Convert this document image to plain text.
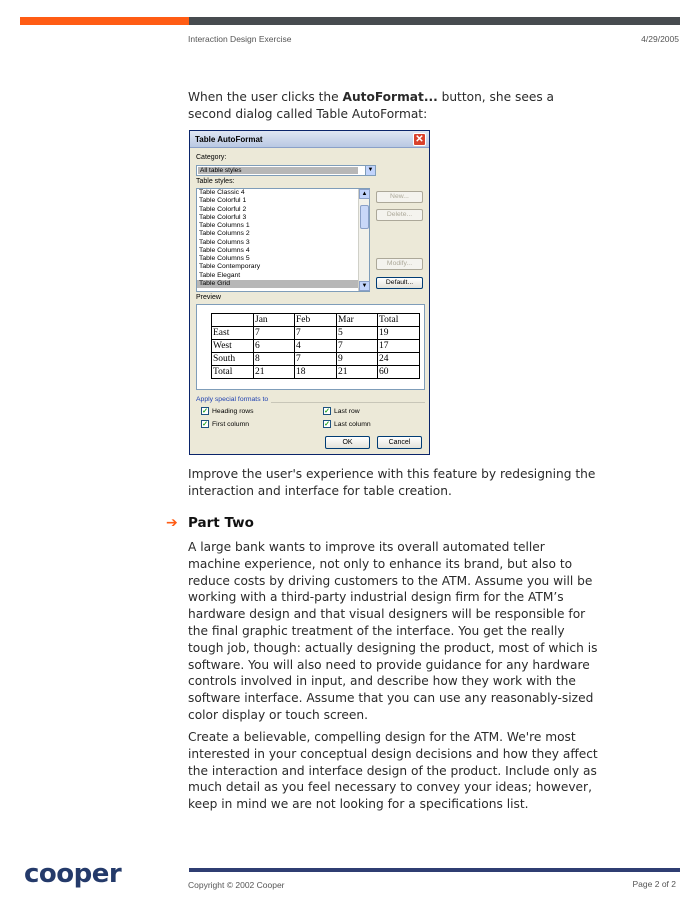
Interaction Design Exercise	4/29/2005
When the user clicks the AutoFormat... button, she sees a second dialog called Table AutoFormat:
Table AutoFormat	✕
Category:
All table styles	▼
Table styles:
Table Classic 4
Table Colorful 1
Table Colorful 2
Table Colorful 3
Table Columns 1
Table Columns 2
Table Columns 3
Table Columns 4
Table Columns 5
Table Contemporary
Table Elegant
Table Grid
▲
▼
New...
Delete...
Modify...
Default...
Preview
	Jan	Feb	Mar	Total
East	7	7	5	19
West	6	4	7	17
South	8	7	9	24
Total	21	18	21	60
Apply special formats to
✓ Heading rows
✓ First column
✓ Last row
✓ Last column
OK	Cancel
Improve the user's experience with this feature by redesigning the interaction and interface for table creation.
➔ Part Two
A large bank wants to improve its overall automated teller machine experience, not only to enhance its brand, but also to reduce costs by driving customers to the ATM. Assume you will be working with a third-party industrial design firm for the ATM’s hardware design and that visual designers will be responsible for the final graphic treatment of the interface. You get the really tough job, though: actually designing the product, most of which is software. You will also need to provide guidance for any hardware controls involved in input, and describe how they work with the software interface. Assume that you can use any reasonably-sized color display or touch screen.
Create a believable, compelling design for the ATM. We're most interested in your conceptual design decisions and how they affect the interaction and interface design of the product. Include only as much detail as you feel necessary to convey your ideas; however, keep in mind we are not looking for a specifications list.
cooper	Copyright © 2002 Cooper	Page 2 of 2
